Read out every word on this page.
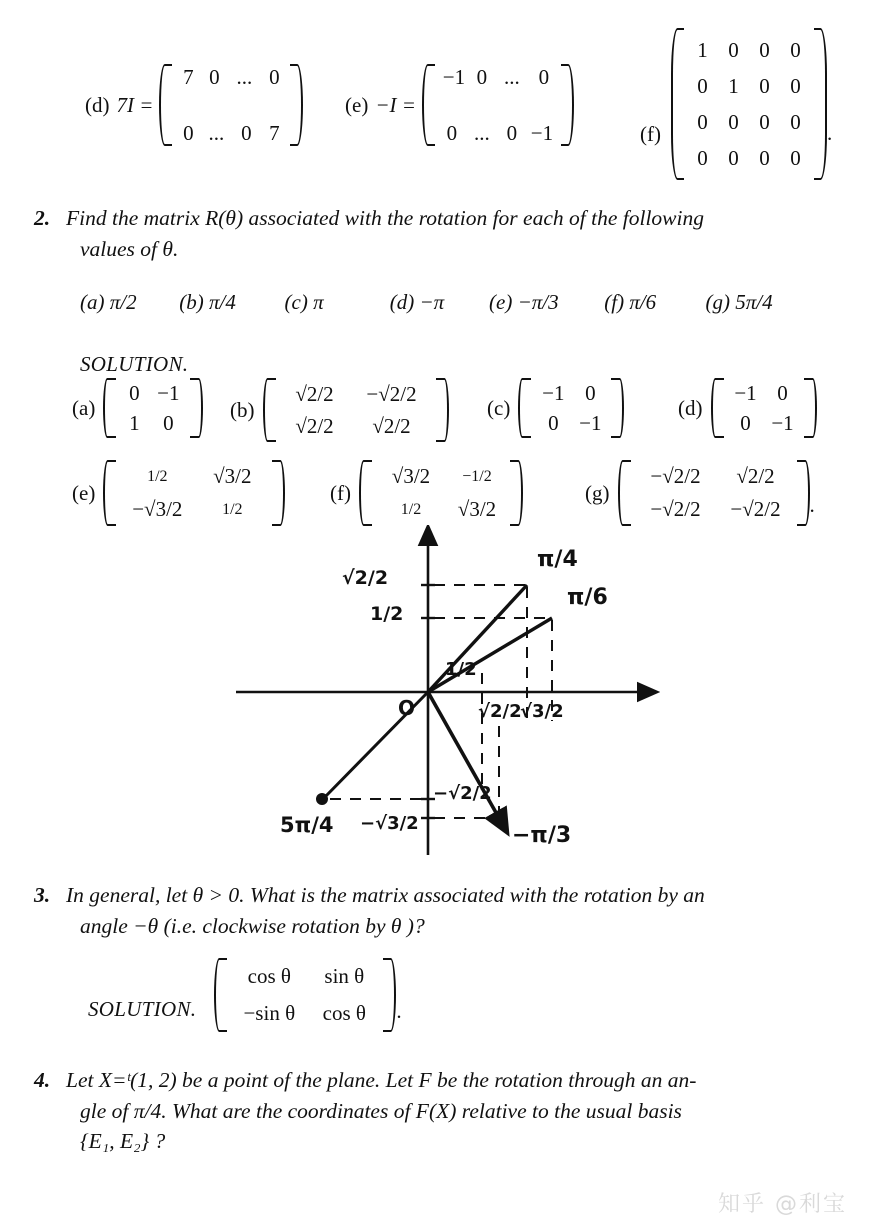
(d) 7I =
7 0 ... 0
0 ... 0 7
(e) −I =
−1 0 ... 0
0 ... 0 −1	(f)
1 0 0 0
0 1 0 0
0 0 0 0
0 0 0 0
.
2. Find the matrix R(θ) associated with the rotation for each of the following

values of θ.

(a) π/2 (b) π/4 (c) π	(d) −π (e) −π/3 (f) π/6 (g) 5π/4
SOLUTION.
(a)
0 −1
1	0
(b)
√2/2	−√2/2
√2/2	√2/2
(c)
−1 0
0 −1
(d)
−1 0
0 −1
(e)
1/2	√3/2
−√3/2	1/2
(f)
√3/2	−1/2
1/2	√3/2
(g)
−√2/2	√2/2
−√2/2	−√2/2	.
√2/2
1/2
1/2
√2/2
√3/2
O
π/4
π/6
5π/4	−π/3
−√2/2
−√3/2
3. In general, let θ > 0. What is the matrix associated with the rotation by an

angle −θ (i.e. clockwise rotation by θ )?

SOLUTION.
cos θ	sin θ
−sin θ	cos θ	.
4. Let X=ᵗ(1, 2) be a point of the plane. Let F be the rotation through an an-

gle of π/4. What are the coordinates of F(X) relative to the usual basis

{E₁, E₂} ?

知乎 @利宝
